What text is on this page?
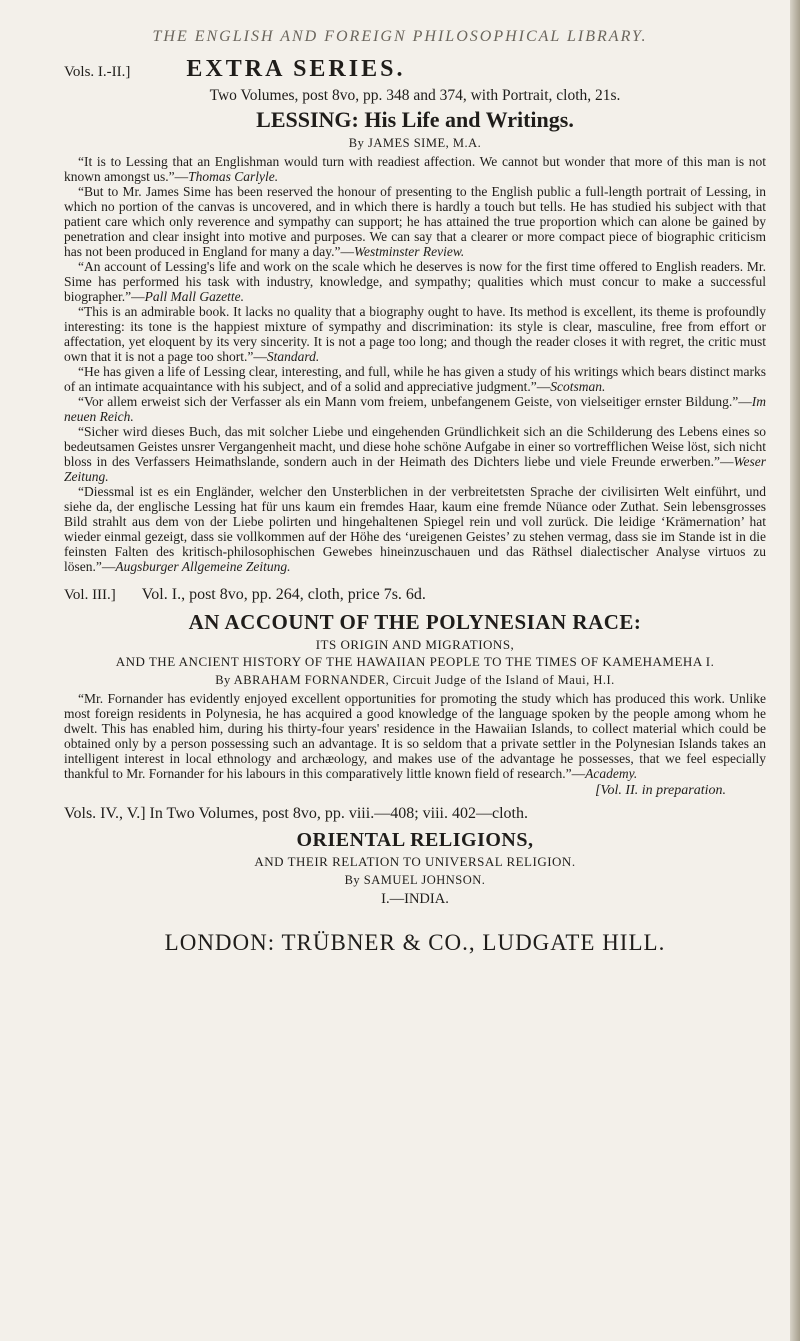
THE ENGLISH AND FOREIGN PHILOSOPHICAL LIBRARY.
Vols. I.-II.] EXTRA SERIES.
Two Volumes, post 8vo, pp. 348 and 374, with Portrait, cloth, 21s.
LESSING: His Life and Writings.
By JAMES SIME, M.A.

“It is to Lessing that an Englishman would turn with readiest affection. We cannot but wonder that more of this man is not known amongst us.”—Thomas Carlyle.

“But to Mr. James Sime has been reserved the honour of presenting to the English public a full-length portrait of Lessing, in which no portion of the canvas is uncovered, and in which there is hardly a touch but tells. He has studied his subject with that patient care which only reverence and sympathy can support; he has attained the true proportion which can alone be gained by penetration and clear insight into motive and purposes. We can say that a clearer or more compact piece of biographic criticism has not been produced in England for many a day.”—Westminster Review.

“An account of Lessing's life and work on the scale which he deserves is now for the first time offered to English readers. Mr. Sime has performed his task with industry, knowledge, and sympathy; qualities which must concur to make a successful biographer.”—Pall Mall Gazette.

“This is an admirable book. It lacks no quality that a biography ought to have. Its method is excellent, its theme is profoundly interesting: its tone is the happiest mixture of sympathy and discrimination: its style is clear, masculine, free from effort or affectation, yet eloquent by its very sincerity. It is not a page too long; and though the reader closes it with regret, the critic must own that it is not a page too short.”—Standard.

“He has given a life of Lessing clear, interesting, and full, while he has given a study of his writings which bears distinct marks of an intimate acquaintance with his subject, and of a solid and appreciative judgment.”—Scotsman.

“Vor allem erweist sich der Verfasser als ein Mann vom freiem, unbefangenem Geiste, von vielseitiger ernster Bildung.”—Im neuen Reich.

“Sicher wird dieses Buch, das mit solcher Liebe und eingehenden Gründlichkeit sich an die Schilderung des Lebens eines so bedeutsamen Geistes unsrer Vergangenheit macht, und diese hohe schöne Aufgabe in einer so vortrefflichen Weise löst, sich nicht bloss in des Verfassers Heimathslande, sondern auch in der Heimath des Dichters liebe und viele Freunde erwerben.”—Weser Zeitung.

“Diessmal ist es ein Engländer, welcher den Unsterblichen in der verbreitetsten Sprache der civilisirten Welt einführt, und siehe da, der englische Lessing hat für uns kaum ein fremdes Haar, kaum eine fremde Nüance oder Zuthat. Sein lebensgrosses Bild strahlt aus dem von der Liebe polirten und hingehaltenen Spiegel rein und voll zurück. Die leidige ‘Krämernation’ hat wieder einmal gezeigt, dass sie vollkommen auf der Höhe des ‘ureigenen Geistes’ zu stehen vermag, dass sie im Stande ist in die feinsten Falten des kritisch-philosophischen Gewebes hineinzuschauen und das Räthsel dialectischer Analyse virtuos zu lösen.”—Augsburger Allgemeine Zeitung.

Vol. III.] Vol. I., post 8vo, pp. 264, cloth, price 7s. 6d.
AN ACCOUNT OF THE POLYNESIAN RACE:
ITS ORIGIN AND MIGRATIONS,
AND THE ANCIENT HISTORY OF THE HAWAIIAN PEOPLE TO THE TIMES OF KAMEHAMEHA I.
By ABRAHAM FORNANDER, Circuit Judge of the Island of Maui, H.I.

“Mr. Fornander has evidently enjoyed excellent opportunities for promoting the study which has produced this work. Unlike most foreign residents in Polynesia, he has acquired a good knowledge of the language spoken by the people among whom he dwelt. This has enabled him, during his thirty-four years' residence in the Hawaiian Islands, to collect material which could be obtained only by a person possessing such an advantage. It is so seldom that a private settler in the Polynesian Islands takes an intelligent interest in local ethnology and archæology, and makes use of the advantage he possesses, that we feel especially thankful to Mr. Fornander for his labours in this comparatively little known field of research.”—Academy.

[Vol. II. in preparation.
Vols. IV., V.] In Two Volumes, post 8vo, pp. viii.—408; viii. 402—cloth.
ORIENTAL RELIGIONS,
AND THEIR RELATION TO UNIVERSAL RELIGION.
By SAMUEL JOHNSON.
I.—INDIA.
LONDON: TRÜBNER & CO., LUDGATE HILL.
